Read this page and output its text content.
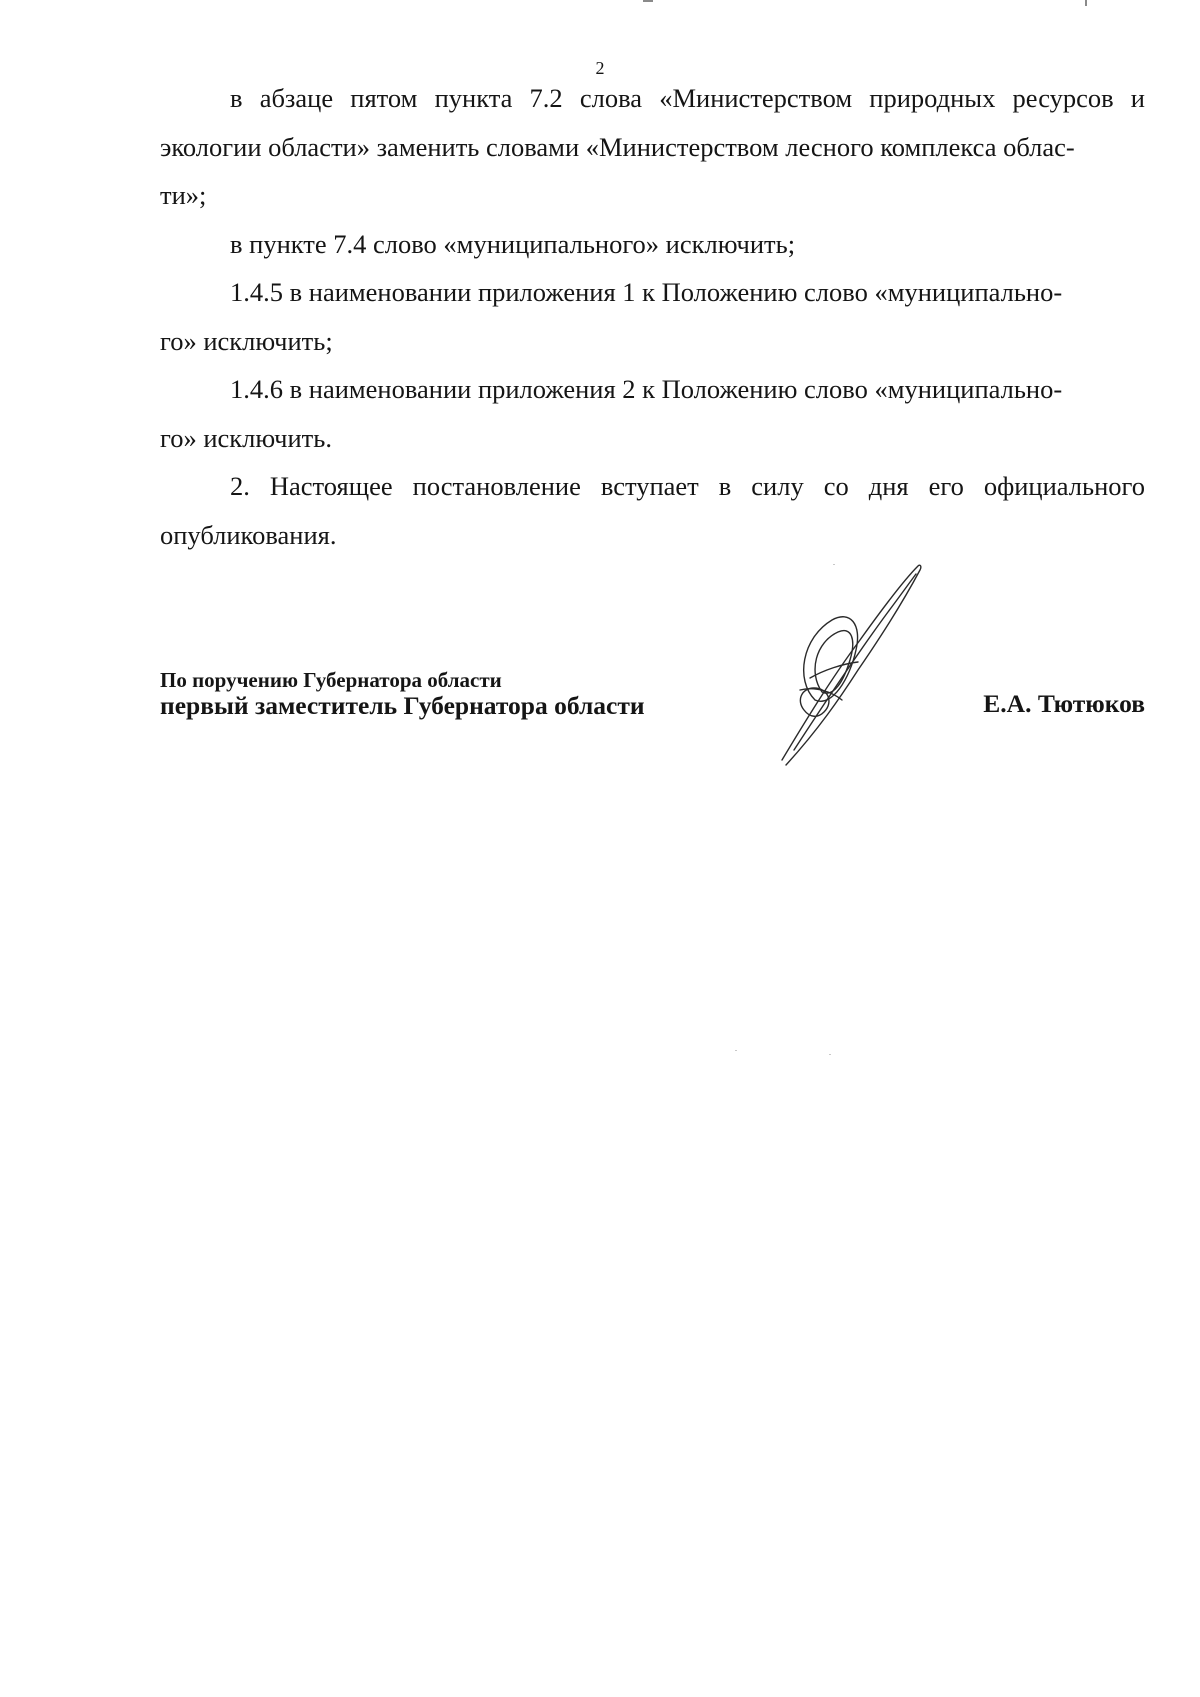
2

в абзаце пятом пункта 7.2 слова «Министерством природных ресурсов и экологии области» заменить словами «Министерством лесного комплекса облас-
ти»;

в пункте 7.4 слово «муниципального» исключить;

1.4.5 в наименовании приложения 1 к Положению слово «муниципально-
го» исключить;

1.4.6 в наименовании приложения 2 к Положению слово «муниципально-
го» исключить.

2. Настоящее постановление вступает в силу со дня его официального опубликования.

По поручению Губернатора области
первый заместитель Губернатора области	Е.А. Тютюков
